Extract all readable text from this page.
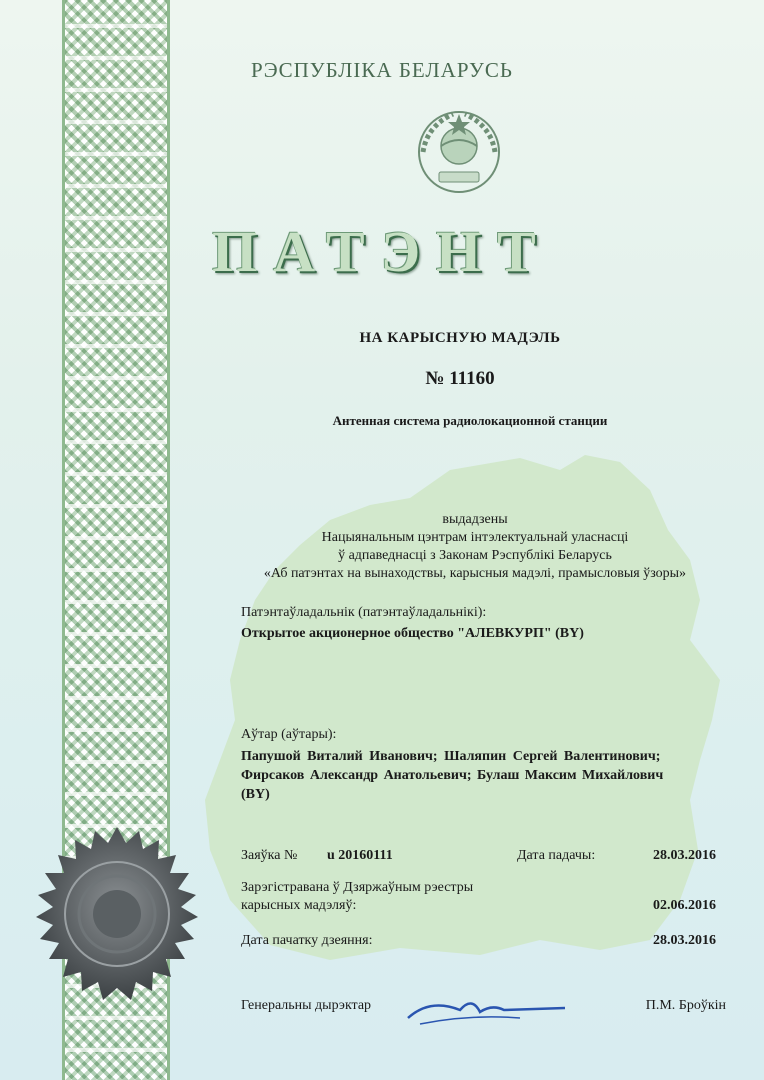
РЭСПУБЛІКА БЕЛАРУСЬ
ПАТЭНТ
НА КАРЫСНУЮ МАДЭЛЬ
№ 11160
Антенная система радиолокационной станции
выдадзены
Нацыянальным цэнтрам інтэлектуальнай уласнасці
ў адпаведнасці з Законам Рэспублікі Беларусь
«Аб патэнтах на вынаходствы, карысныя мадэлі, прамысловыя ўзоры»
Патэнтаўладальнік (патэнтаўладальнікі):
Открытое акционерное общество "АЛЕВКУРП" (BY)
Аўтар (аўтары):
Папушой Виталий Иванович; Шаляпин Сергей Валентинович;
Фирсаков Александр Анатольевич; Булаш Максим Михайлович
(BY)
Заяўка № u 20160111	Дата падачы:	28.03.2016
Зарэгістравана ў Дзяржаўным рэестры
карысных мадэляў:	02.06.2016
Дата пачатку дзеяння:	28.03.2016
Генеральны дырэктар	П.М. Броўкін
